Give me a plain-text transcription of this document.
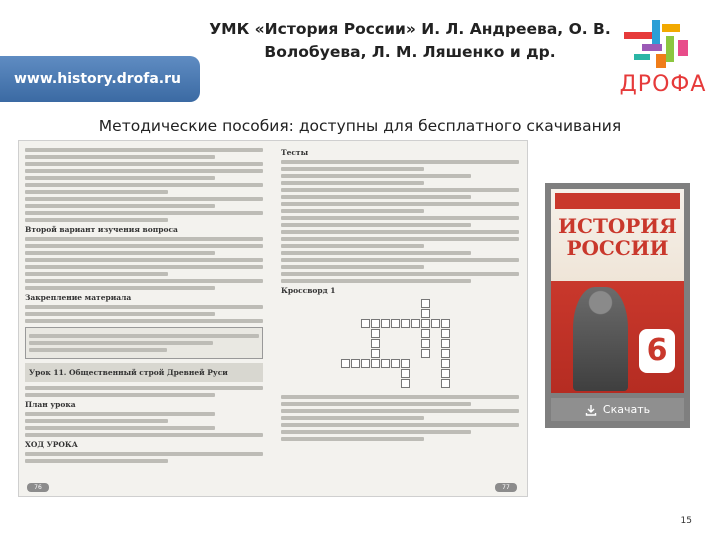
УМК «История России» И. Л. Андреева, О. В. Волобуева, Л. М. Ляшенко и др.
www.history.drofa.ru	ДРОФА
Методические пособия: доступны для бесплатного скачивания
Второй вариант изучения вопроса
Закрепление материала
Урок 11. Общественный строй Древней Руси
План урока
ХОД УРОКА
76
Тесты
Кроссворд 1
77
ИСТОРИЯ РОССИИ
6
Скачать
15
